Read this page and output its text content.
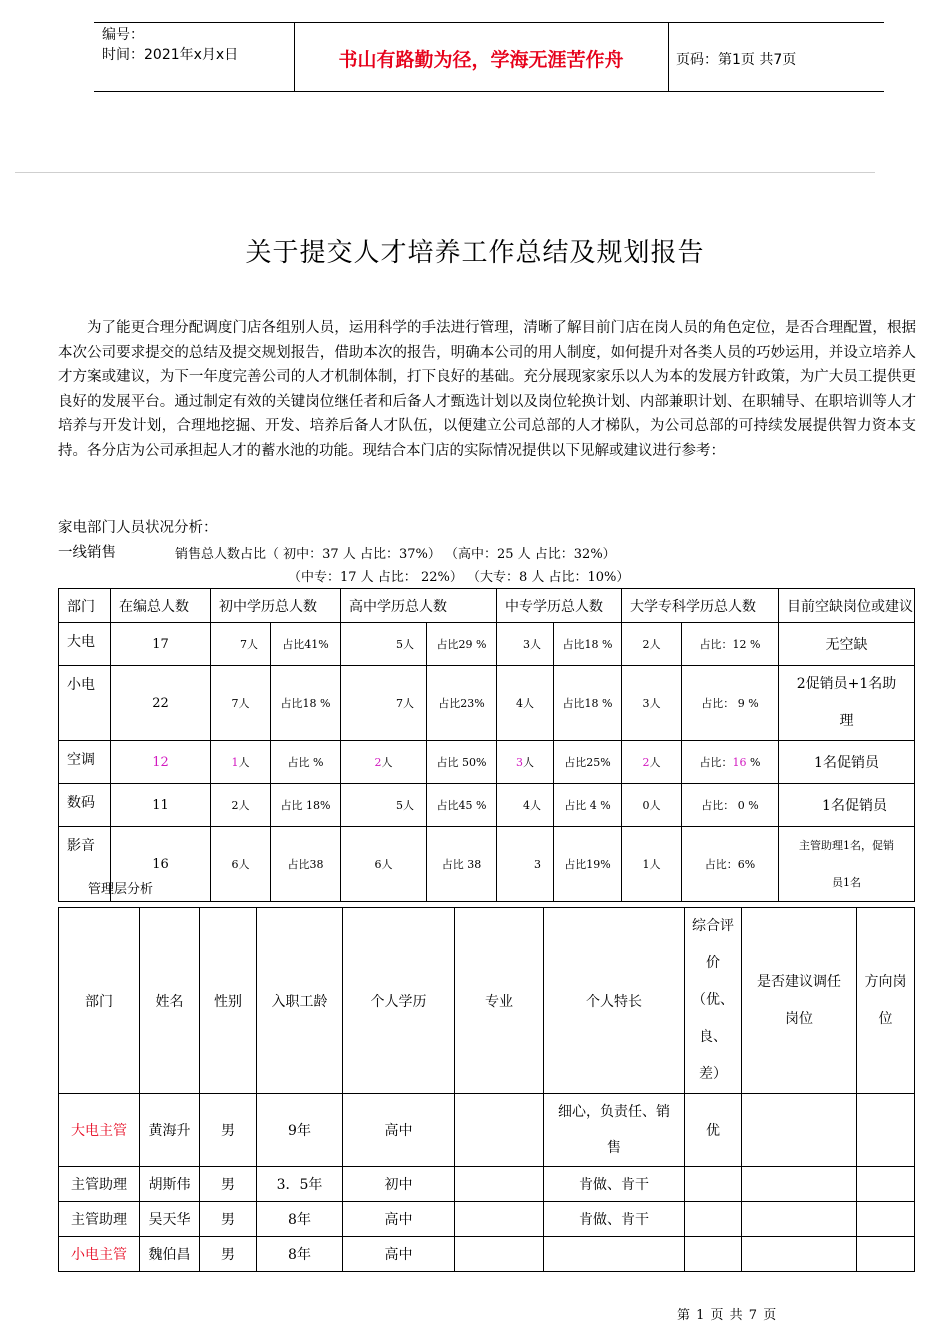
编号：
时间：2021年x月x日	书山有路勤为径，学海无涯苦作舟	页码：第1页 共7页
关于提交人才培养工作总结及规划报告
为了能更合理分配调度门店各组别人员，运用科学的手法进行管理，清晰了解目前门店在岗人员的角色定位，是否合理配置，根据本次公司要求提交的总结及提交规划报告，借助本次的报告，明确本公司的用人制度，如何提升对各类人员的巧妙运用，并设立培养人才方案或建议，为下一年度完善公司的人才机制体制，打下良好的基础。充分展现家家乐以人为本的发展方针政策，为广大员工提供更良好的发展平台。通过制定有效的关键岗位继任者和后备人才甄选计划以及岗位轮换计划、内部兼职计划、在职辅导、在职培训等人才培养与开发计划，合理地挖掘、开发、培养后备人才队伍，以便建立公司总部的人才梯队，为公司总部的可持续发展提供智力资本支持。各分店为公司承担起人才的蓄水池的功能。现结合本门店的实际情况提供以下见解或建议进行参考：
家电部门人员状况分析：
一线销售	销售总人数占比（ 初中：37 人 占比：37%） （高中：25 人 占比：32%）
（中专：17 人 占比： 22%） （大专：8 人 占比：10%）
部门	在编总人数	初中学历总人数		高中学历总人数		中专学历总人数		大学专科学历总人数		目前空缺岗位或建议
大电	17	7人	占比41%	5人	占比29 %	3人	占比18 %	2人	占比：12 %	无空缺
小电	22	7人	占比18 %	7人	占比23%	4人	占比18 %	3人	占比： 9 %	2促销员+1名助
理
空调	12	1人	占比 %	2人	占比 50%	3人	占比25%	2人	占比：16 %	1名促销员
数码	11	2人	占比 18%	5人	占比45 %	4人	占比 4 %	0人	占比： 0 %	1名促销员
影音	16	6人	占比38	6人	占比 38	3	占比19%	1人	占比：6%	主管助理1名，促销
员1名
管理层分析
部门	姓名	性别	入职工龄	个人学历	专业	个人特长	综合评
价
（优、
良、
差）	是否建议调任
岗位	方向岗
位
大电主管	黄海升	男	9年	高中		细心，负责任、销
售	优		
主管助理	胡斯伟	男	3．5年	初中		肯做、肯干			
主管助理	吴天华	男	8年	高中		肯做、肯干			
小电主管	魏伯昌	男	8年	高中					
第 1 页 共 7 页
